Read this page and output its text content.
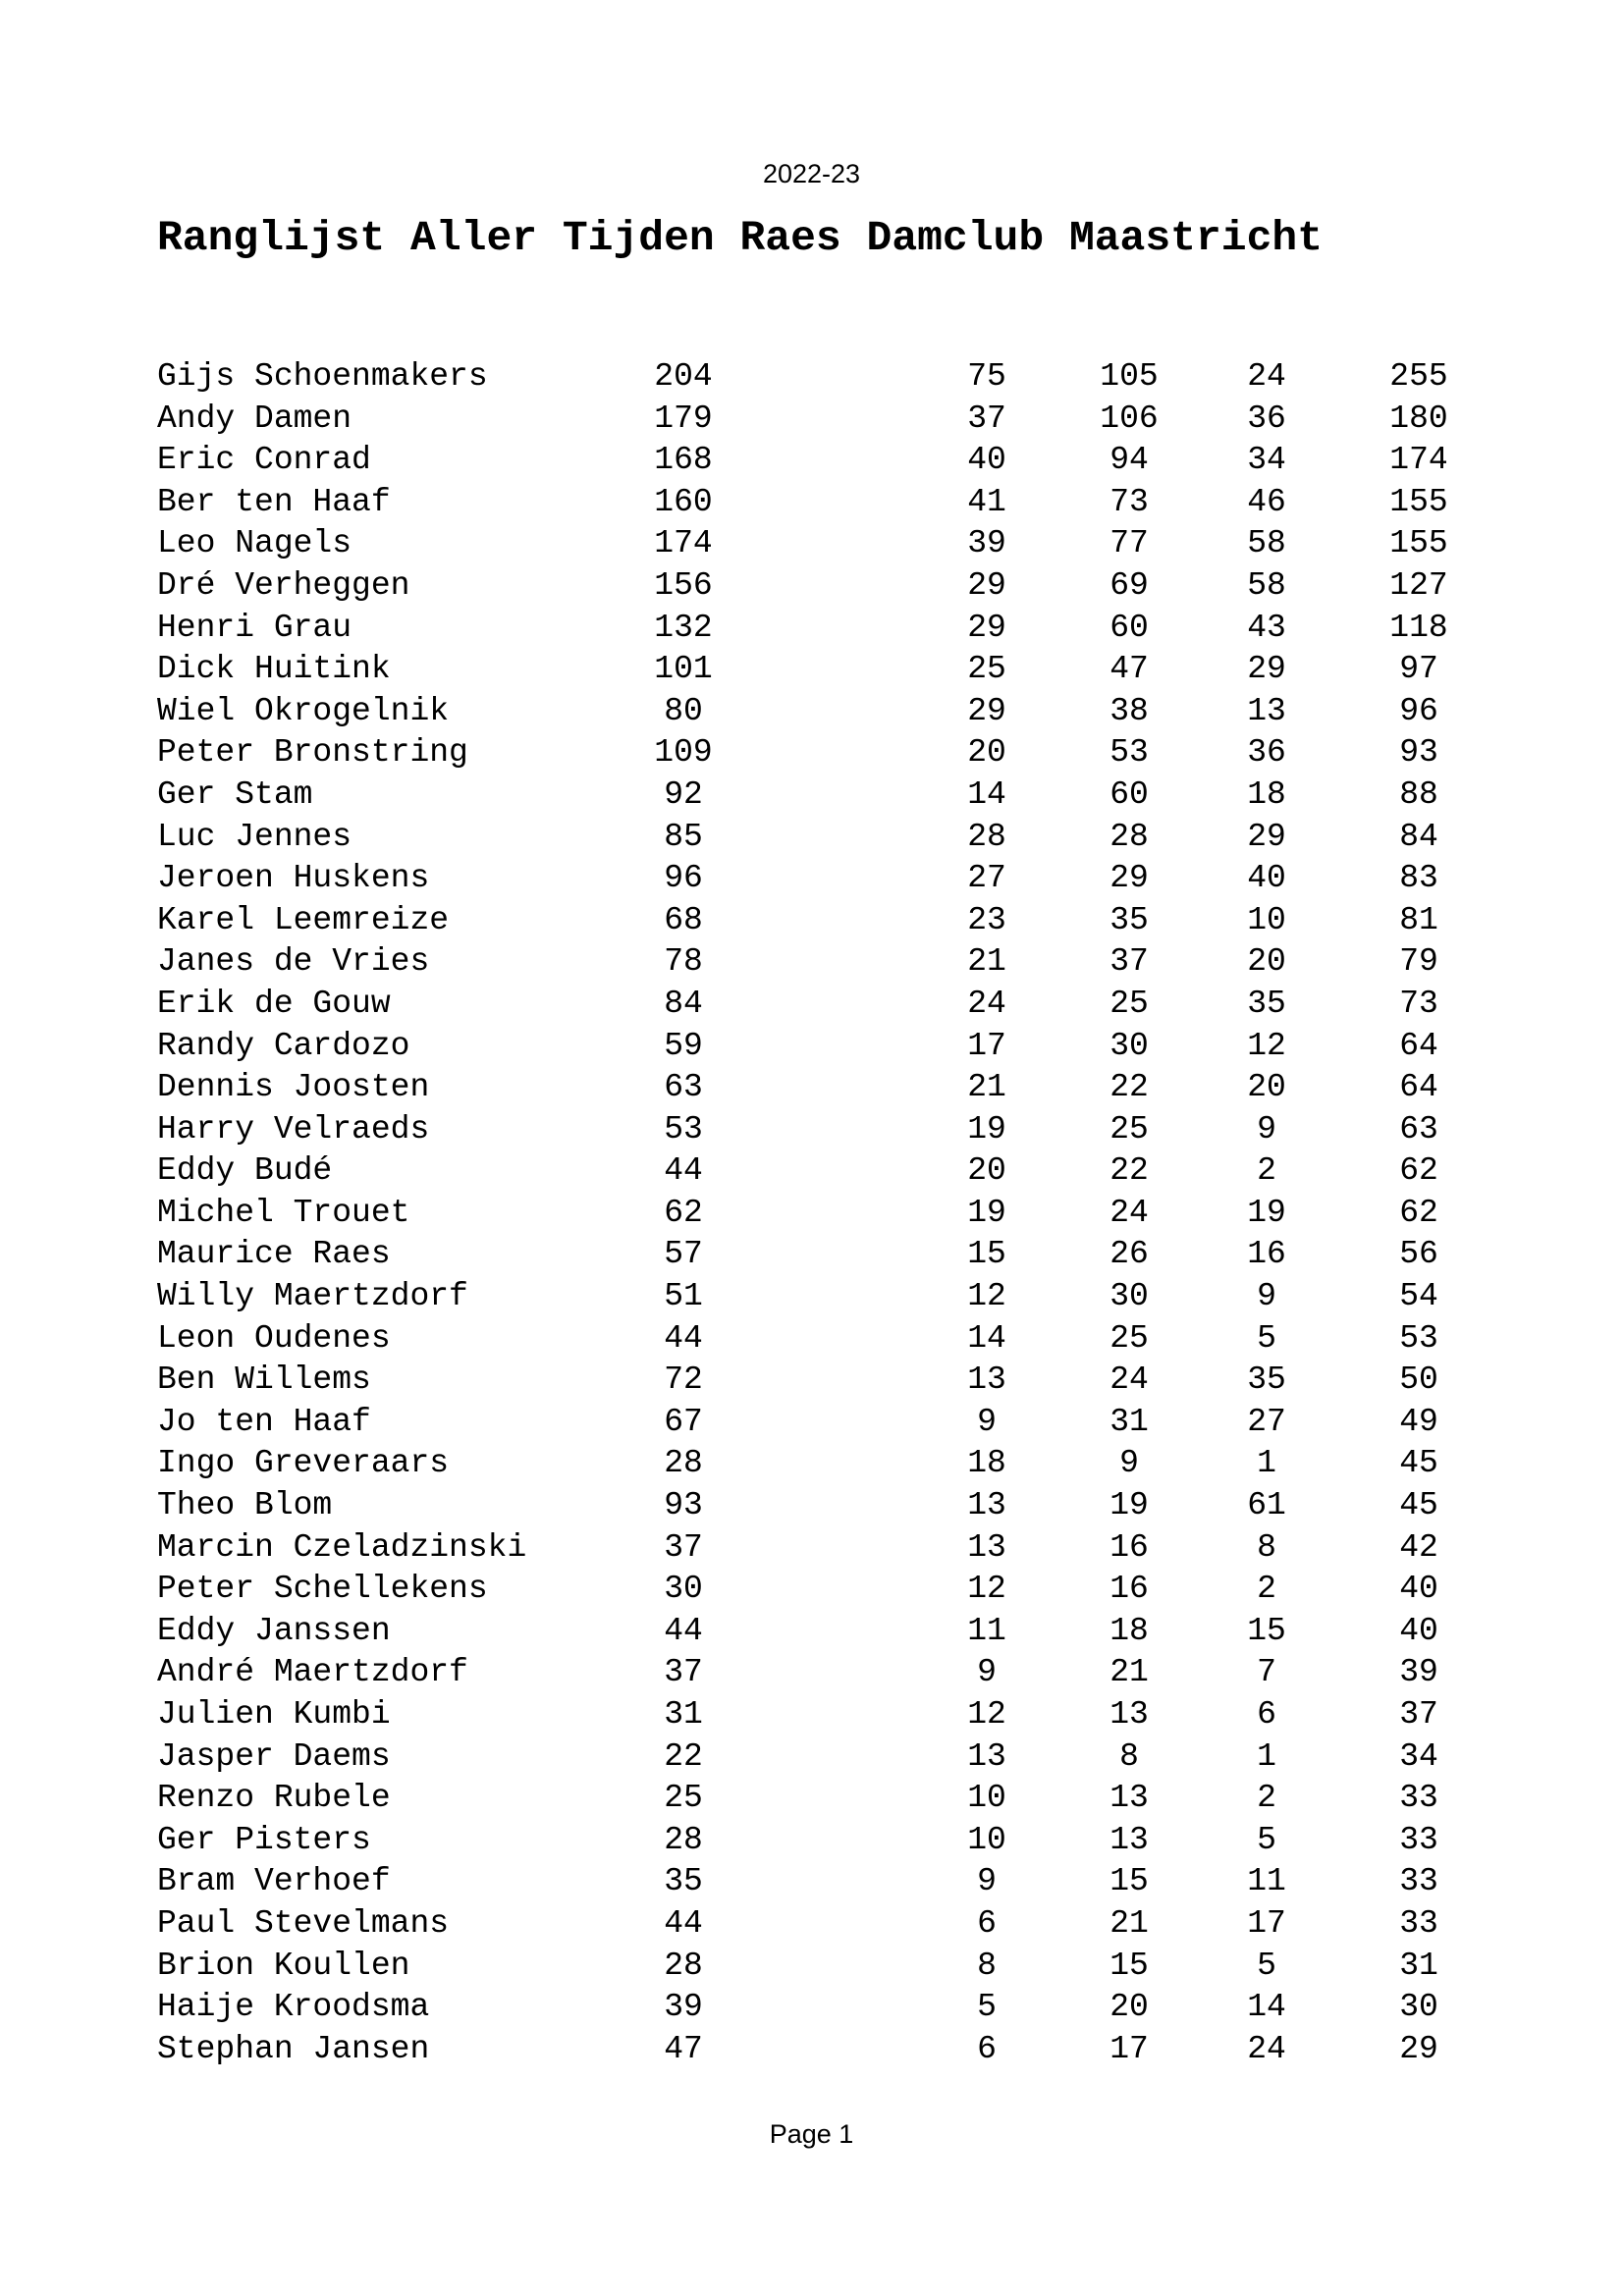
2022-23
Ranglijst Aller Tijden Raes Damclub Maastricht
Gijs Schoenmakers	204	75	105	24	255
Andy Damen	179	37	106	36	180
Eric Conrad	168	40	94	34	174
Ber ten Haaf	160	41	73	46	155
Leo Nagels	174	39	77	58	155
Dré Verheggen	156	29	69	58	127
Henri Grau	132	29	60	43	118
Dick Huitink	101	25	47	29	97
Wiel Okrogelnik	80	29	38	13	96
Peter Bronstring	109	20	53	36	93
Ger Stam	92	14	60	18	88
Luc Jennes	85	28	28	29	84
Jeroen Huskens	96	27	29	40	83
Karel Leemreize	68	23	35	10	81
Janes de Vries	78	21	37	20	79
Erik de Gouw	84	24	25	35	73
Randy Cardozo	59	17	30	12	64
Dennis Joosten	63	21	22	20	64
Harry Velraeds	53	19	25	9	63
Eddy Budé	44	20	22	2	62
Michel Trouet	62	19	24	19	62
Maurice Raes	57	15	26	16	56
Willy Maertzdorf	51	12	30	9	54
Leon Oudenes	44	14	25	5	53
Ben Willems	72	13	24	35	50
Jo ten Haaf	67	9	31	27	49
Ingo Greveraars	28	18	9	1	45
Theo Blom	93	13	19	61	45
Marcin Czeladzinski	37	13	16	8	42
Peter Schellekens	30	12	16	2	40
Eddy Janssen	44	11	18	15	40
André Maertzdorf	37	9	21	7	39
Julien Kumbi	31	12	13	6	37
Jasper Daems	22	13	8	1	34
Renzo Rubele	25	10	13	2	33
Ger Pisters	28	10	13	5	33
Bram Verhoef	35	9	15	11	33
Paul Stevelmans	44	6	21	17	33
Brion Koullen	28	8	15	5	31
Haije Kroodsma	39	5	20	14	30
Stephan Jansen	47	6	17	24	29
Page 1
